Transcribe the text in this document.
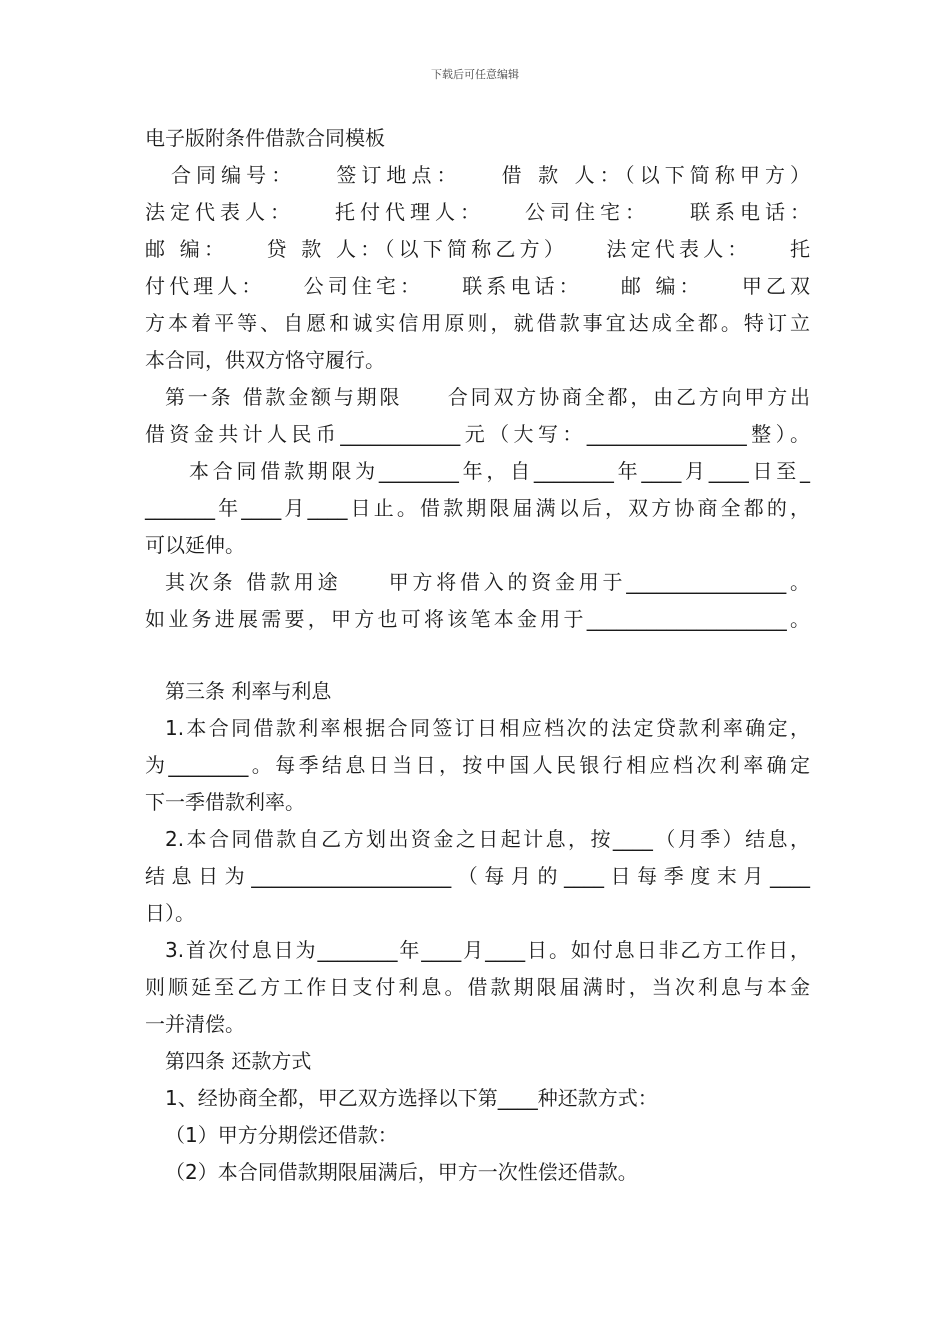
下载后可任意编辑
电子版附条件借款合同模板
合同编号：　　签订地点：　　借 款 人：（以下简称甲方）
法定代表人：　　托付代理人：　　公司住宅：　　联系电话：
邮 编：　　贷 款 人：（以下简称乙方）　　法定代表人：　　托
付代理人：　　公司住宅：　　联系电话：　　邮 编：　　甲乙双
方本着平等、自愿和诚实信用原则，就借款事宜达成全都。特订立
本合同，供双方恪守履行。
第一条 借款金额与期限　　合同双方协商全都，由乙方向甲方出
借资金共计人民币____________元（大写：________________整）。
本合同借款期限为________年，自________年____月____日至_
_______年____月____日止。借款期限届满以后，双方协商全都的，
可以延伸。
其次条 借款用途　　甲方将借入的资金用于________________。
如业务进展需要，甲方也可将该笔本金用于____________________。
第三条 利率与利息
1.本合同借款利率根据合同签订日相应档次的法定贷款利率确定，
为________。每季结息日当日，按中国人民银行相应档次利率确定
下一季借款利率。
2.本合同借款自乙方划出资金之日起计息，按____（月季）结息，
结息日为____________________（每月的____日每季度末月____
日）。
3.首次付息日为________年____月____日。如付息日非乙方工作日，
则顺延至乙方工作日支付利息。借款期限届满时，当次利息与本金
一并清偿。
第四条 还款方式
1、经协商全都，甲乙双方选择以下第____种还款方式：
（1）甲方分期偿还借款：
（2）本合同借款期限届满后，甲方一次性偿还借款。
